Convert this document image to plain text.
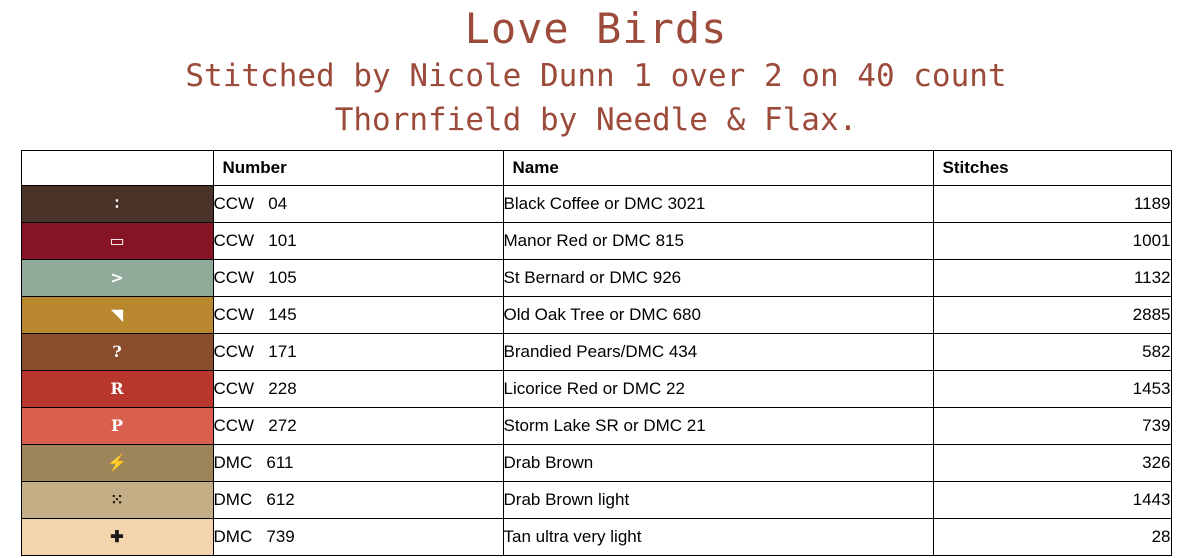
Love Birds
Stitched by Nicole Dunn 1 over 2 on 40 count
Thornfield by Needle & Flax.
	Number	Name	Stitches

∶	CCW 04	Black Coffee or DMC 3021	1189

▭	CCW 101	Manor Red or DMC 815	1001

>	CCW 105	St Bernard or DMC 926	1132

◥	CCW 145	Old Oak Tree or DMC 680	2885

?	CCW 171	Brandied Pears/DMC 434	582

R	CCW 228	Licorice Red or DMC 22	1453

P	CCW 272	Storm Lake SR or DMC 21	739

⚡	DMC 611	Drab Brown	326

⁙	DMC 612	Drab Brown light	1443

✚	DMC 739	Tan ultra very light	28
